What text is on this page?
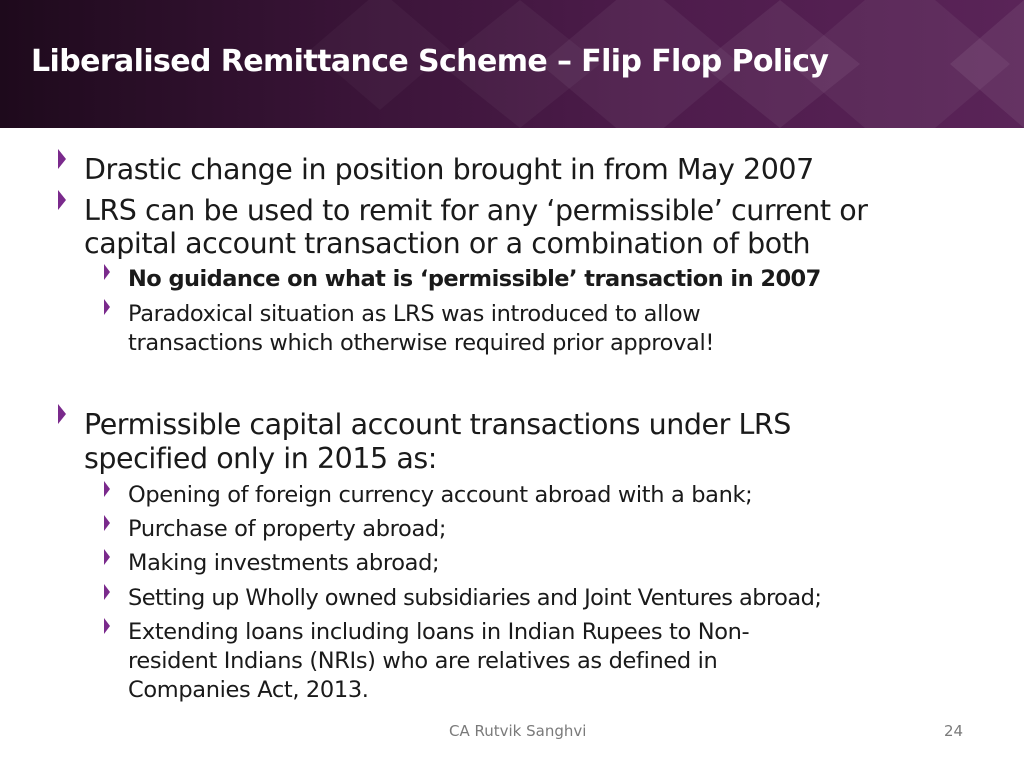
Liberalised Remittance Scheme – Flip Flop Policy
Drastic change in position brought in from May 2007
LRS can be used to remit for any ‘permissible’ current or
capital account transaction or a combination of both
No guidance on what is ‘permissible’ transaction in 2007
Paradoxical situation as LRS was introduced to allow
transactions which otherwise required prior approval!
Permissible capital account transactions under LRS
specified only in 2015 as:
Opening of foreign currency account abroad with a bank;
Purchase of property abroad;
Making investments abroad;
Setting up Wholly owned subsidiaries and Joint Ventures abroad;
Extending loans including loans in Indian Rupees to Non-
resident Indians (NRIs) who are relatives as defined in
Companies Act, 2013.
CA Rutvik Sanghvi	24
